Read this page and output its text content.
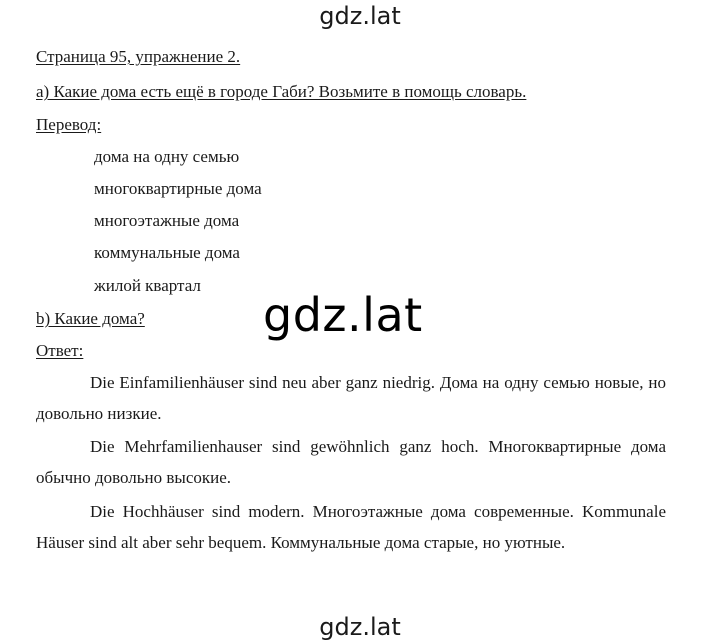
gdz.lat
Страница 95, упражнение 2.
а) Какие дома есть ещё в городе Габи? Возьмите в помощь словарь.
Перевод:
дома на одну семью
многоквартирные дома
многоэтажные дома
коммунальные дома
жилой квартал
b) Какие дома?
Ответ:

Die Einfamilienhäuser sind neu aber ganz niedrig. Дома на одну семью новые, но довольно низкие.

Die Mehrfamilienhauser sind gewöhnlich ganz hoch. Многоквартирные дома обычно довольно высокие.

Die Hochhäuser sind modern. Многоэтажные дома современные. Kommunale Häuser sind alt aber sehr bequem. Коммунальные дома старые, но уютные.

gdz.lat
gdz.lat
